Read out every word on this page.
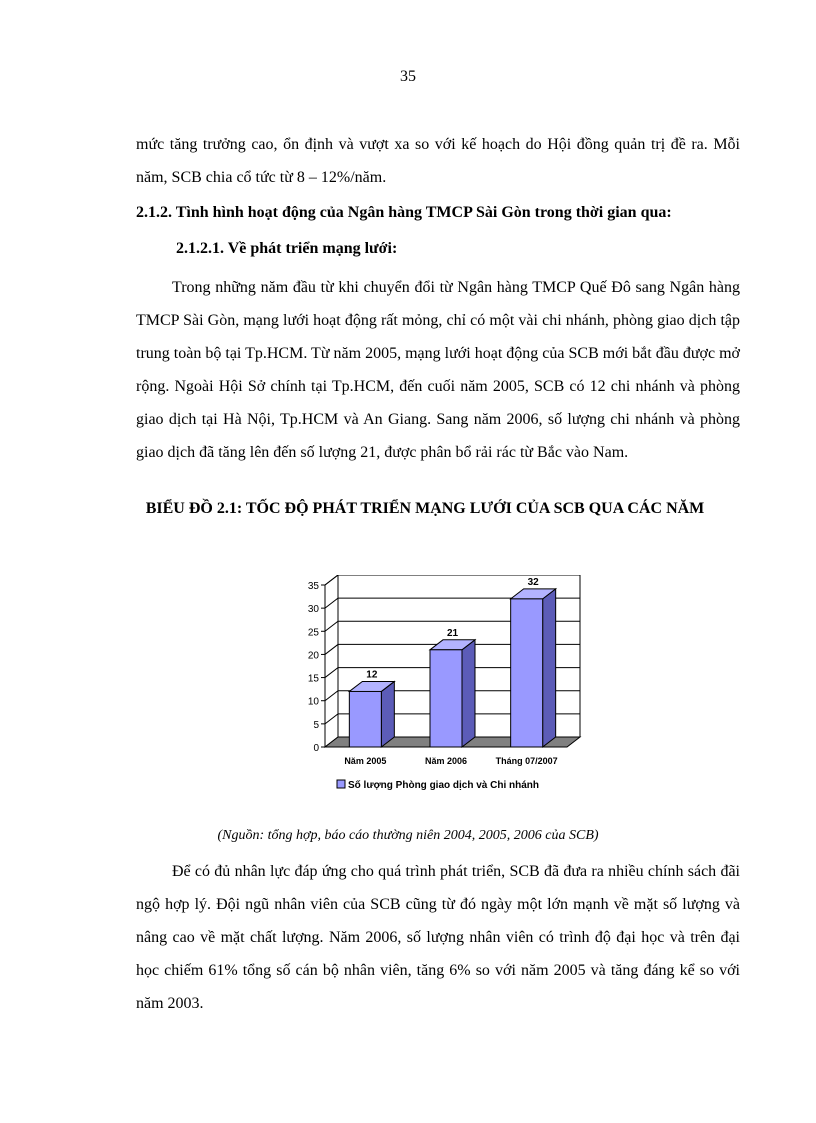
35

mức tăng trưởng cao, ổn định và vượt xa so với kế hoạch do Hội đồng quản trị đề ra. Mỗi năm, SCB chia cổ tức từ 8 – 12%/năm.

2.1.2. Tình hình hoạt động của Ngân hàng TMCP Sài Gòn trong thời gian qua:

2.1.2.1. Về phát triển mạng lưới:

Trong những năm đầu từ khi chuyển đổi từ Ngân hàng TMCP Quế Đô sang Ngân hàng TMCP Sài Gòn, mạng lưới hoạt động rất mỏng, chỉ có một vài chi nhánh, phòng giao dịch tập trung toàn bộ tại Tp.HCM. Từ năm 2005, mạng lưới hoạt động của SCB mới bắt đầu được mở rộng. Ngoài Hội Sở chính tại Tp.HCM, đến cuối năm 2005, SCB có 12 chi nhánh và phòng giao dịch tại Hà Nội, Tp.HCM và An Giang. Sang năm 2006, số lượng chi nhánh và phòng giao dịch đã tăng lên đến số lượng 21, được phân bổ rải rác từ Bắc vào Nam.

BIỂU ĐỒ 2.1: TỐC ĐỘ PHÁT TRIỂN MẠNG LƯỚI CỦA SCB QUA CÁC NĂM

0
5
10
15
20
25
30
35
12
Năm 2005
21
Năm 2006
32
Tháng 07/2007
Số lượng Phòng giao dịch và Chi nhánh
(Nguồn: tổng hợp, báo cáo thường niên 2004, 2005, 2006 của SCB)

Để có đủ nhân lực đáp ứng cho quá trình phát triển, SCB đã đưa ra nhiều chính sách đãi ngộ hợp lý. Đội ngũ nhân viên của SCB cũng từ đó ngày một lớn mạnh về mặt số lượng và nâng cao về mặt chất lượng. Năm 2006, số lượng nhân viên có trình độ đại học và trên đại học chiếm 61% tổng số cán bộ nhân viên, tăng 6% so với năm 2005 và tăng đáng kể so với năm 2003.
